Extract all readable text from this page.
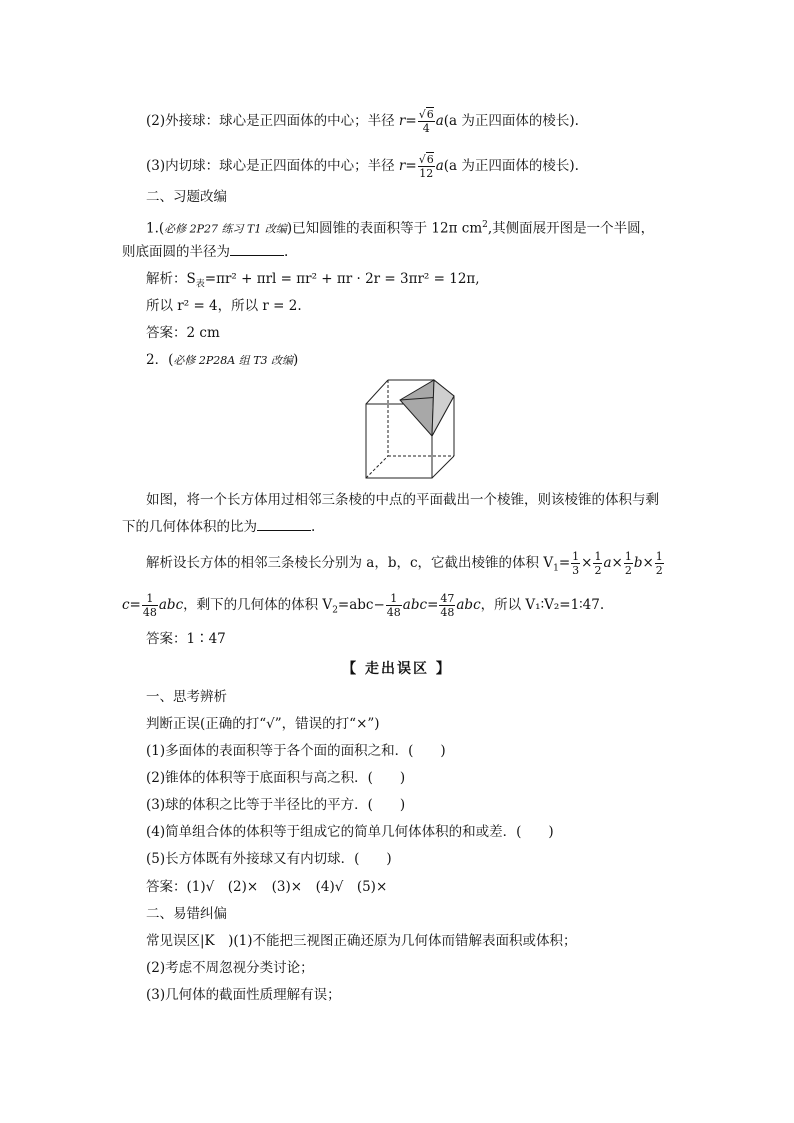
(2)外接球：球心是正四面体的中心；半径 $r= \frac{√6}{4} a(a$ 为正四面体的棱长).
(3)内切球：球心是正四面体的中心；半径 $r= \frac{√6}{12} a(a$ 为正四面体的棱长).
二、习题改编
1.(必修 2P27 练习 T1 改编)已知圆锥的表面积等于 12π $cm^2$,其侧面展开图是一个半圆，
则底面圆的半径为	.
解析：$S_表=\pi r^2 + \pi rl = \pi r^2 + \pi r \cdot 2r = 3\pi r^2 = 12\pi$,
所以 r² = 4，所以 r = 2.
答案：2 cm
2．(必修 2P28A 组 T3 改编)
如图，将一个长方体用过相邻三条棱的中点的平面截出一个棱锥，则该棱锥的体积与剩
下的几何体体积的比为	.
解析设长方体的相邻三条棱长分别为 a，b，c，它截出棱锥的体积 $V_1= \frac{1}{3} \times \frac{1}{2} a\times \frac{1}{2} b\times \frac{1}{2}$
$c= \frac{1}{48}$ abc，剩下的几何体的体积 $V_2=abc- \frac{1}{48} abc= \frac{47}{48}$ abc，所以 V₁∶V₂=1∶47.
答案：1∶47
【 走出误区 】
一、思考辨析
判断正误(正确的打“√”，错误的打“×”)
(1)多面体的表面积等于各个面的面积之和．(　　)
(2)锥体的体积等于底面积与高之积．(　　)
(3)球的体积之比等于半径比的平方．(　　)
(4)简单组合体的体积等于组成它的简单几何体体积的和或差．(　　)
(5)长方体既有外接球又有内切球．(　　)
答案：(1)√　(2)×　(3)×　(4)√　(5)×
二、易错纠偏
常见误区|K　)(1)不能把三视图正确还原为几何体而错解表面积或体积；
(2)考虑不周忽视分类讨论；
(3)几何体的截面性质理解有误；
